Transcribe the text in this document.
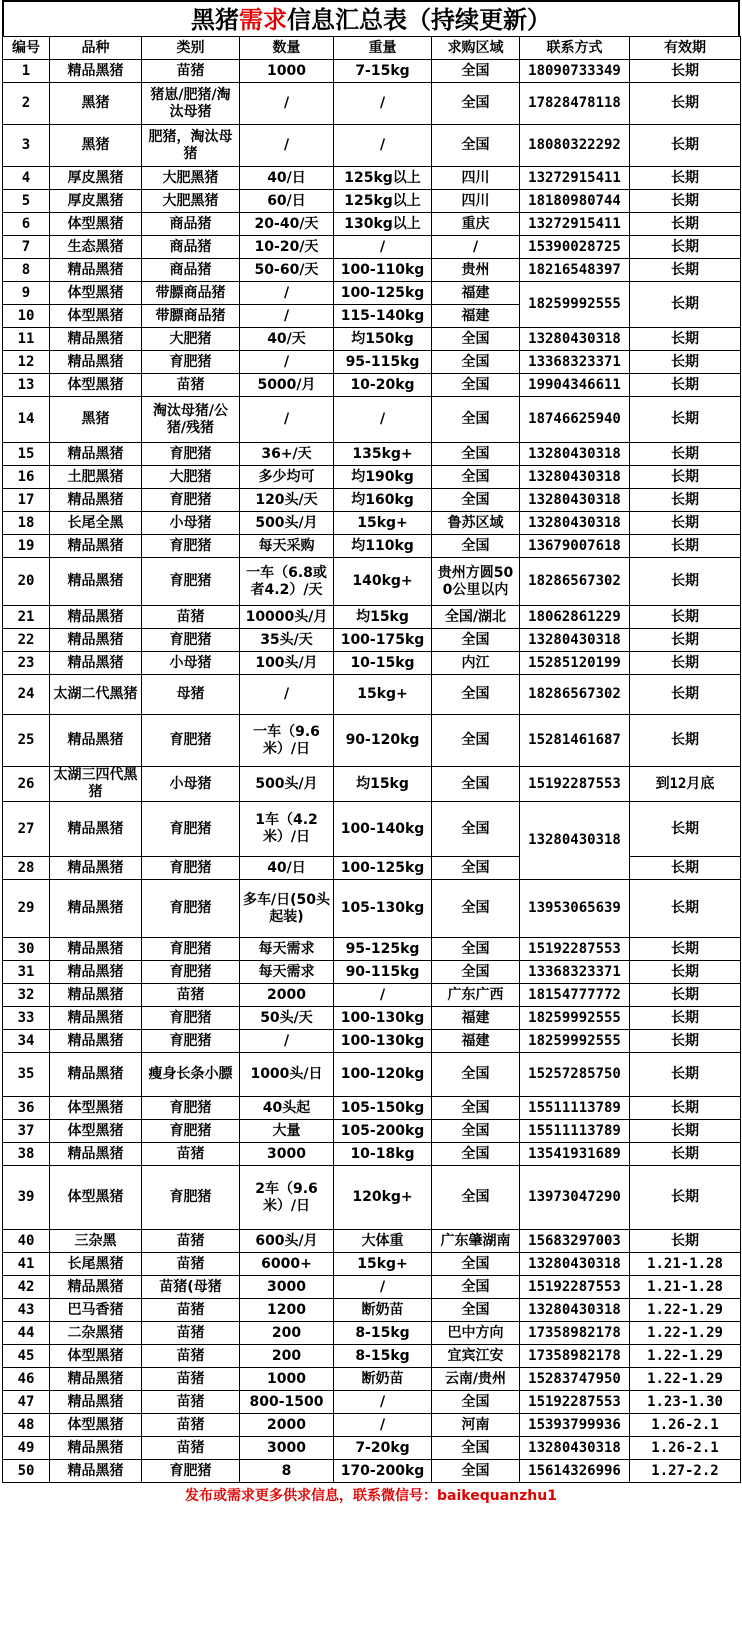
黑猪需求信息汇总表（持续更新）
编号	品种	类别	数量	重量	求购区域	联系方式	有效期
1	精品黑猪	苗猪	1000	7-15kg	全国	18090733349	长期
2	黑猪	猪崽/肥猪/淘汰母猪	/	/	全国	17828478118	长期
3	黑猪	肥猪，淘汰母猪	/	/	全国	18080322292	长期
4	厚皮黑猪	大肥黑猪	40/日	125kg以上	四川	13272915411	长期
5	厚皮黑猪	大肥黑猪	60/日	125kg以上	四川	18180980744	长期
6	体型黑猪	商品猪	20-40/天	130kg以上	重庆	13272915411	长期
7	生态黑猪	商品猪	10-20/天	/	/	15390028725	长期
8	精品黑猪	商品猪	50-60/天	100-110kg	贵州	18216548397	长期
9	体型黑猪	带膘商品猪	/	100-125kg	福建	18259992555	长期
10	体型黑猪	带膘商品猪	/	115-140kg	福建		
11	精品黑猪	大肥猪	40/天	均150kg	全国	13280430318	长期
12	精品黑猪	育肥猪	/	95-115kg	全国	13368323371	长期
13	体型黑猪	苗猪	5000/月	10-20kg	全国	19904346611	长期
14	黑猪	淘汰母猪/公猪/残猪	/	/	全国	18746625940	长期
15	精品黑猪	育肥猪	36+/天	135kg+	全国	13280430318	长期
16	土肥黑猪	大肥猪	多少均可	均190kg	全国	13280430318	长期
17	精品黑猪	育肥猪	120头/天	均160kg	全国	13280430318	长期
18	长尾全黑	小母猪	500头/月	15kg+	鲁苏区域	13280430318	长期
19	精品黑猪	育肥猪	每天采购	均110kg	全国	13679007618	长期
20	精品黑猪	育肥猪	一车（6.8或者4.2）/天	140kg+	贵州方圆500公里以内	18286567302	长期
21	精品黑猪	苗猪	10000头/月	均15kg	全国/湖北	18062861229	长期
22	精品黑猪	育肥猪	35头/天	100-175kg	全国	13280430318	长期
23	精品黑猪	小母猪	100头/月	10-15kg	内江	15285120199	长期
24	太湖二代黑猪	母猪	/	15kg+	全国	18286567302	长期
25	精品黑猪	育肥猪	一车（9.6米）/日	90-120kg	全国	15281461687	长期
26	太湖三四代黑猪	小母猪	500头/月	均15kg	全国	15192287553	到12月底
27	精品黑猪	育肥猪	1车（4.2米）/日	100-140kg	全国	13280430318	长期
28	精品黑猪	育肥猪	40/日	100-125kg	全国		长期
29	精品黑猪	育肥猪	多车/日(50头起装)	105-130kg	全国	13953065639	长期
30	精品黑猪	育肥猪	每天需求	95-125kg	全国	15192287553	长期
31	精品黑猪	育肥猪	每天需求	90-115kg	全国	13368323371	长期
32	精品黑猪	苗猪	2000	/	广东广西	18154777772	长期
33	精品黑猪	育肥猪	50头/天	100-130kg	福建	18259992555	长期
34	精品黑猪	育肥猪	/	100-130kg	福建	18259992555	长期
35	精品黑猪	瘦身长条小膘	1000头/日	100-120kg	全国	15257285750	长期
36	体型黑猪	育肥猪	40头起	105-150kg	全国	15511113789	长期
37	体型黑猪	育肥猪	大量	105-200kg	全国	15511113789	长期
38	精品黑猪	苗猪	3000	10-18kg	全国	13541931689	长期
39	体型黑猪	育肥猪	2车（9.6米）/日	120kg+	全国	13973047290	长期
40	三杂黑	苗猪	600头/月	大体重	广东肇湖南	15683297003	长期
41	长尾黑猪	苗猪	6000+	15kg+	全国	13280430318	1.21-1.28
42	精品黑猪	苗猪(母猪	3000	/	全国	15192287553	1.21-1.28
43	巴马香猪	苗猪	1200	断奶苗	全国	13280430318	1.22-1.29
44	二杂黑猪	苗猪	200	8-15kg	巴中方向	17358982178	1.22-1.29
45	体型黑猪	苗猪	200	8-15kg	宜宾江安	17358982178	1.22-1.29
46	精品黑猪	苗猪	1000	断奶苗	云南/贵州	15283747950	1.22-1.29
47	精品黑猪	苗猪	800-1500	/	全国	15192287553	1.23-1.30
48	体型黑猪	苗猪	2000	/	河南	15393799936	1.26-2.1
49	精品黑猪	苗猪	3000	7-20kg	全国	13280430318	1.26-2.1
50	精品黑猪	育肥猪	8	170-200kg	全国	15614326996	1.27-2.2
发布或需求更多供求信息，联系微信号：baikequanzhu1
